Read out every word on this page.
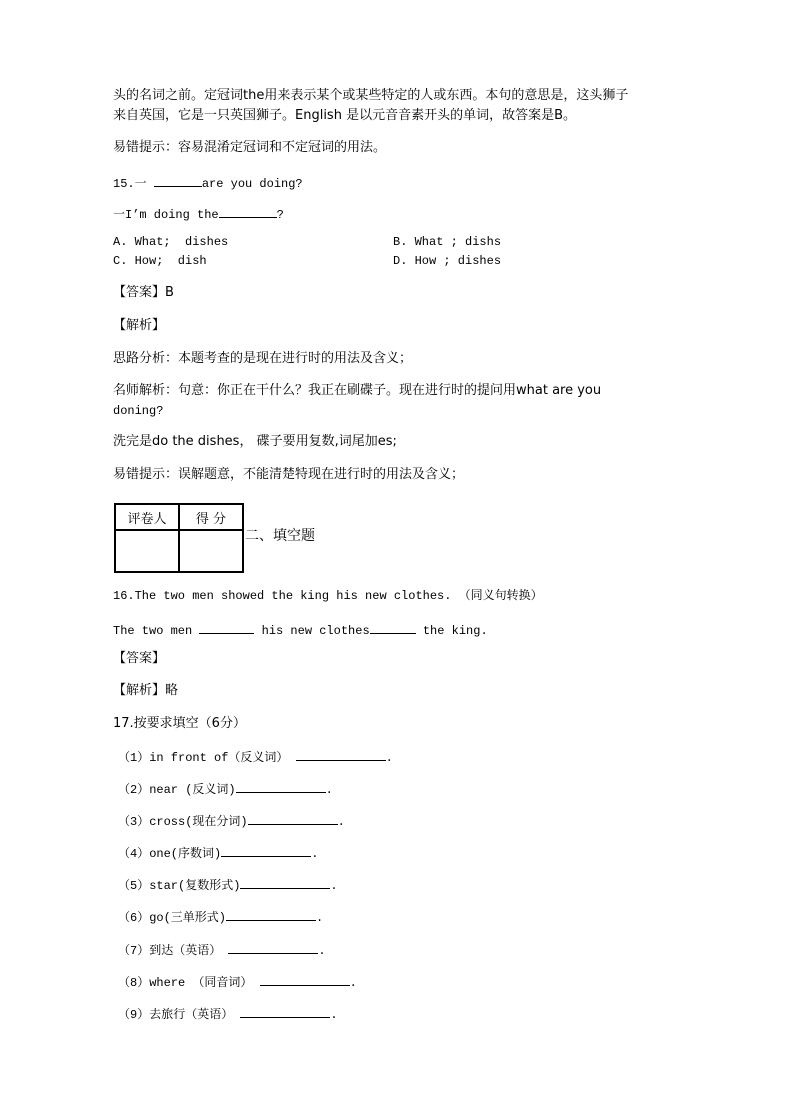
头的名词之前。定冠词the用来表示某个或某些特定的人或东西。本句的意思是，这头狮子
来自英国，它是一只英国狮子。English 是以元音音素开头的单词，故答案是B。
易错提示：容易混淆定冠词和不定冠词的用法。
15.一	are you doing?
一I’m doing the	?
A. What;  dishes	B. What ; dishs
C. How;  dish	D. How ; dishes
【答案】B
【解析】
思路分析：本题考查的是现在进行时的用法及含义；
名师解析：句意：你正在干什么？我正在刷碟子。现在进行时的提问用what are you
doning?
洗完是do the dishes， 碟子要用复数,词尾加es;
易错提示：误解题意，不能清楚特现在进行时的用法及含义；
评卷人	得 分

二、填空题
16.The two men showed the king his new clothes. （同义句转换）
The two men	his new clothes	the king.
【答案】
【解析】略
17.按要求填空（6分）
（1）in front of（反义词）	.
（2）near (反义词)	.
（3）cross(现在分词)	.
（4）one(序数词)	.
（5）star(复数形式)	.
（6）go(三单形式)	.
（7）到达（英语）	.
（8）where （同音词）	.
（9）去旅行（英语）	.
